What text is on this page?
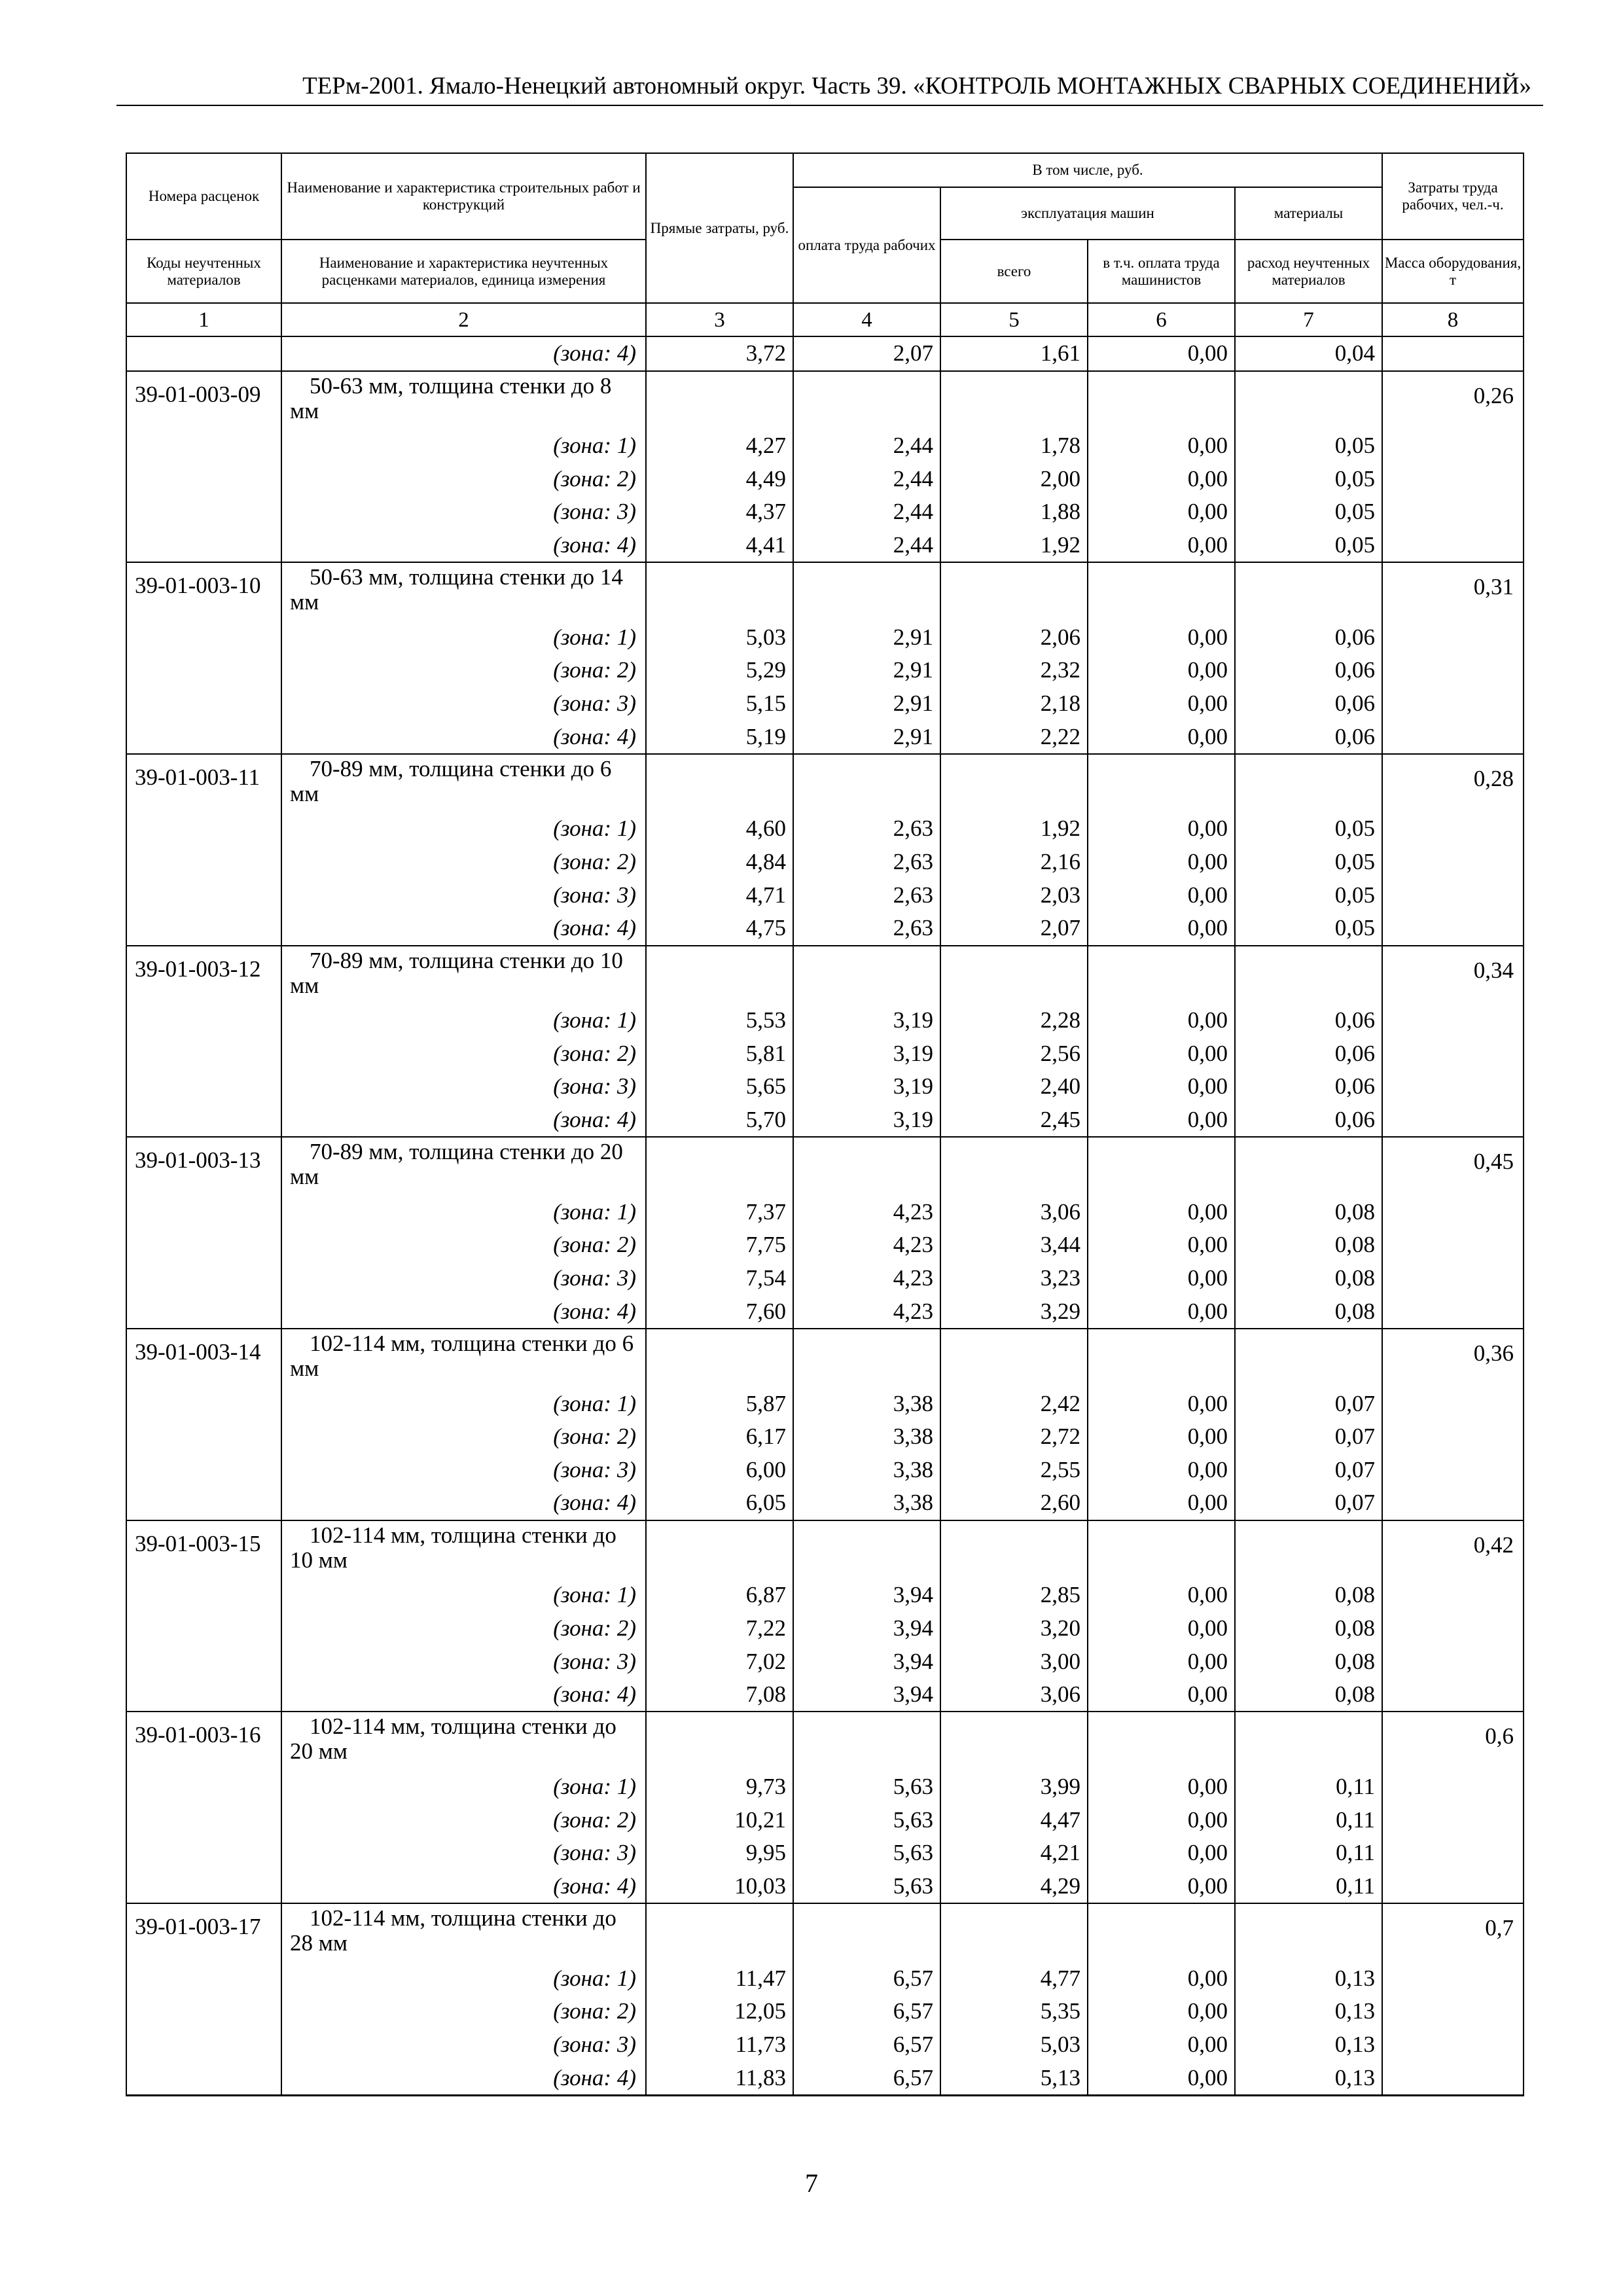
ТЕРм-2001. Ямало-Ненецкий автономный округ. Часть 39. «КОНТРОЛЬ МОНТАЖНЫХ СВАРНЫХ СОЕДИНЕНИЙ»
Номера расценок	Наименование и характеристика строительных работ и конструкций	Прямые затраты, руб.	В том числе, руб.				Затраты труда рабочих, чел.-ч.
			оплата труда рабочих	эксплуатация машин		материалы	
Коды неучтенных материалов	Наименование и характеристика неучтенных расценками материалов, единица измерения			всего	в т.ч. оплата труда машинистов	расход неучтенных материалов	Масса оборудования, т
1	2	3	4	5	6	7	8
	(зона: 4)	3,72	2,07	1,61	0,00	0,04	
39-01-003-09	50-63 мм, толщина стенки до 8 мм						0,26
	(зона: 1)	4,27	2,44	1,78	0,00	0,05	
	(зона: 2)	4,49	2,44	2,00	0,00	0,05	
	(зона: 3)	4,37	2,44	1,88	0,00	0,05	
	(зона: 4)	4,41	2,44	1,92	0,00	0,05	
39-01-003-10	50-63 мм, толщина стенки до 14 мм						0,31
	(зона: 1)	5,03	2,91	2,06	0,00	0,06	
	(зона: 2)	5,29	2,91	2,32	0,00	0,06	
	(зона: 3)	5,15	2,91	2,18	0,00	0,06	
	(зона: 4)	5,19	2,91	2,22	0,00	0,06	
39-01-003-11	70-89 мм, толщина стенки до 6 мм						0,28
	(зона: 1)	4,60	2,63	1,92	0,00	0,05	
	(зона: 2)	4,84	2,63	2,16	0,00	0,05	
	(зона: 3)	4,71	2,63	2,03	0,00	0,05	
	(зона: 4)	4,75	2,63	2,07	0,00	0,05	
39-01-003-12	70-89 мм, толщина стенки до 10 мм						0,34
	(зона: 1)	5,53	3,19	2,28	0,00	0,06	
	(зона: 2)	5,81	3,19	2,56	0,00	0,06	
	(зона: 3)	5,65	3,19	2,40	0,00	0,06	
	(зона: 4)	5,70	3,19	2,45	0,00	0,06	
39-01-003-13	70-89 мм, толщина стенки до 20 мм						0,45
	(зона: 1)	7,37	4,23	3,06	0,00	0,08	
	(зона: 2)	7,75	4,23	3,44	0,00	0,08	
	(зона: 3)	7,54	4,23	3,23	0,00	0,08	
	(зона: 4)	7,60	4,23	3,29	0,00	0,08	
39-01-003-14	102-114 мм, толщина стенки до 6 мм						0,36
	(зона: 1)	5,87	3,38	2,42	0,00	0,07	
	(зона: 2)	6,17	3,38	2,72	0,00	0,07	
	(зона: 3)	6,00	3,38	2,55	0,00	0,07	
	(зона: 4)	6,05	3,38	2,60	0,00	0,07	
39-01-003-15	102-114 мм, толщина стенки до 10 мм						0,42
	(зона: 1)	6,87	3,94	2,85	0,00	0,08	
	(зона: 2)	7,22	3,94	3,20	0,00	0,08	
	(зона: 3)	7,02	3,94	3,00	0,00	0,08	
	(зона: 4)	7,08	3,94	3,06	0,00	0,08	
39-01-003-16	102-114 мм, толщина стенки до 20 мм						0,6
	(зона: 1)	9,73	5,63	3,99	0,00	0,11	
	(зона: 2)	10,21	5,63	4,47	0,00	0,11	
	(зона: 3)	9,95	5,63	4,21	0,00	0,11	
	(зона: 4)	10,03	5,63	4,29	0,00	0,11	
39-01-003-17	102-114 мм, толщина стенки до 28 мм						0,7
	(зона: 1)	11,47	6,57	4,77	0,00	0,13	
	(зона: 2)	12,05	6,57	5,35	0,00	0,13	
	(зона: 3)	11,73	6,57	5,03	0,00	0,13	
	(зона: 4)	11,83	6,57	5,13	0,00	0,13	
7
